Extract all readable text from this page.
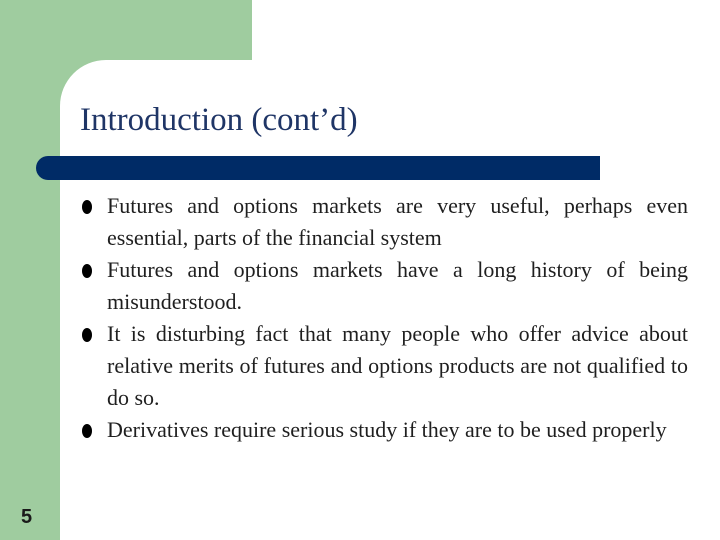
Introduction (cont’d)
Futures and options markets are very useful, perhaps even essential, parts of the financial system
Futures and options markets have a long history of being misunderstood.
It is disturbing fact that many people who offer advice about relative merits of futures and options products are not qualified to do so.
Derivatives require serious study if they are to be used properly
5
